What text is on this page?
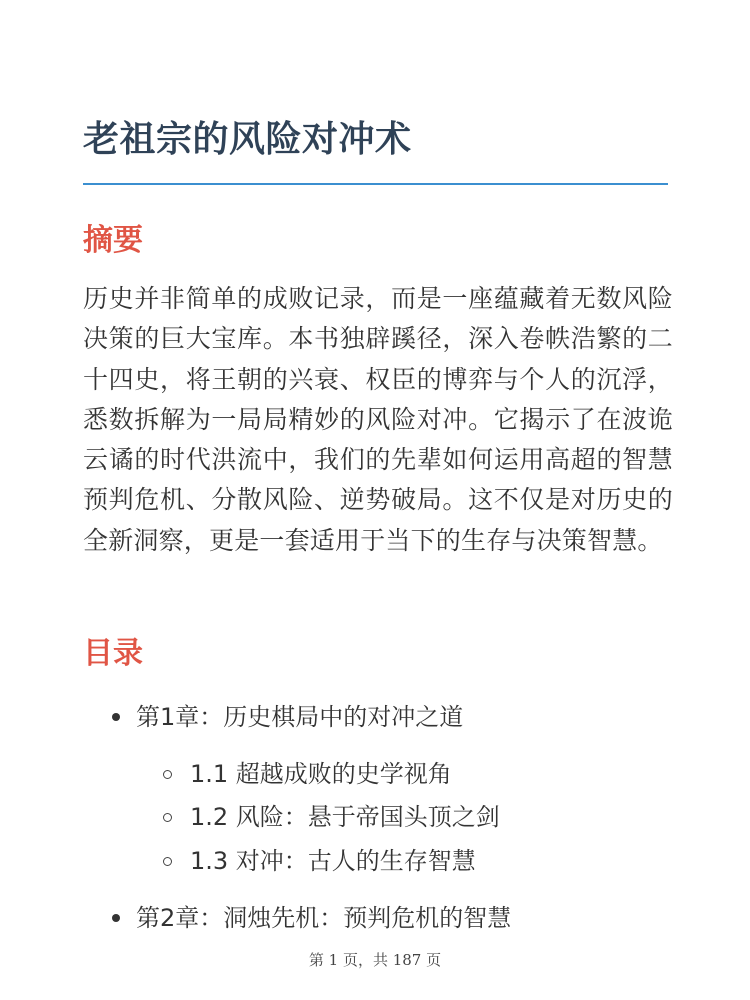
老祖宗的风险对冲术
摘要

历史并非简单的成败记录，而是一座蕴藏着无数风险决策的巨大宝库。本书独辟蹊径，深入卷帙浩繁的二十四史，将王朝的兴衰、权臣的博弈与个人的沉浮，悉数拆解为一局局精妙的风险对冲。它揭示了在波诡云谲的时代洪流中，我们的先辈如何运用高超的智慧预判危机、分散风险、逆势破局。这不仅是对历史的全新洞察，更是一套适用于当下的生存与决策智慧。

目录
第1章：历史棋局中的对冲之道
1.1 超越成败的史学视角
1.2 风险：悬于帝国头顶之剑
1.3 对冲：古人的生存智慧
第2章：洞烛先机：预判危机的智慧
第 1 页，共 187 页
